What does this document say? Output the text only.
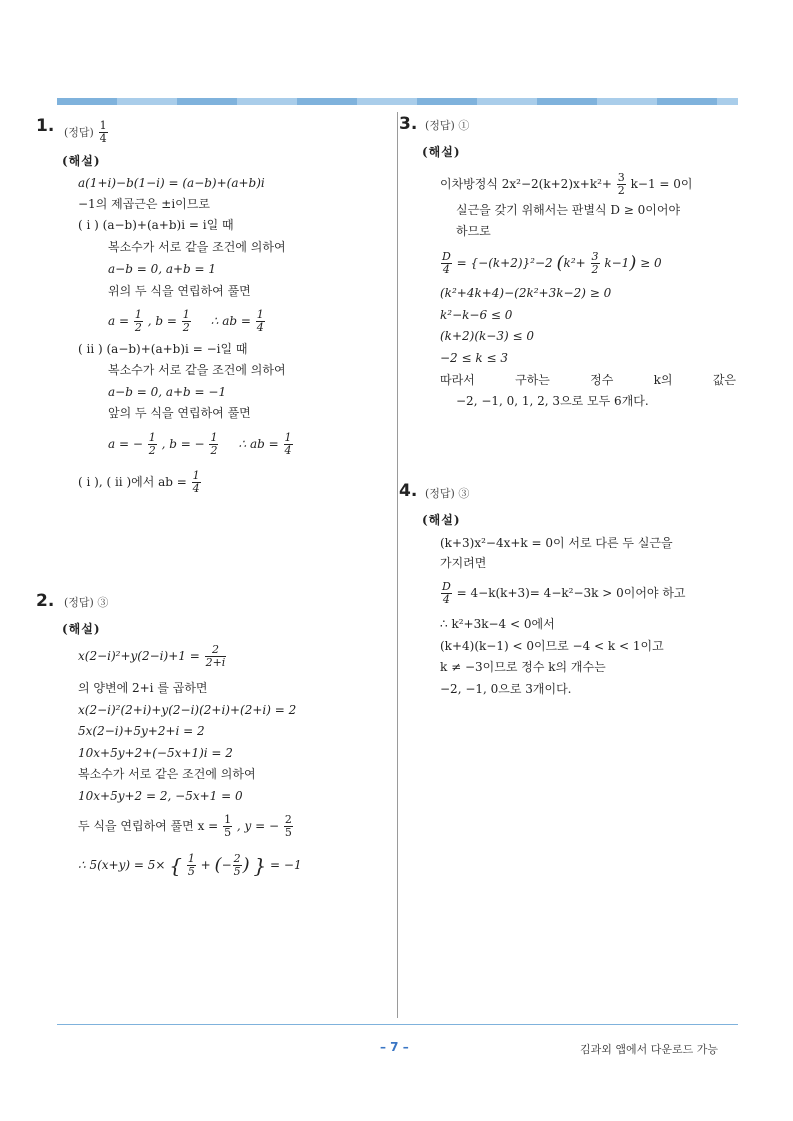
1. (정답) $\frac{1}{4}$
(해설)
a(1+i)−b(1−i) = (a−b)+(a+b)i
−1의 제곱근은 ±i이므로
( i ) (a−b)+(a+b)i = i일 때
복소수가 서로 같을 조건에 의하여
a−b = 0, a+b = 1
위의 두 식을 연립하여 풀면
$a = \frac{1}{2}$ , $b = \frac{1}{2}$ ∴ ab = $\frac{1}{4}$
( ii ) (a−b)+(a+b)i = −i일 때
복소수가 서로 같을 조건에 의하여
a−b = 0, a+b = −1
앞의 두 식을 연립하여 풀면
a = − $\frac{1}{2}$ , b = − $\frac{1}{2}$ ∴ ab = $\frac{1}{4}$
( i ), ( ii )에서 ab = $\frac{1}{4}$
2. (정답) ③
(해설)
$x(2-i)^2+y(2-i)+1 = \frac{2}{2+i}$
의 양변에 2+i 를 곱하면
x(2−i)²(2+i)+y(2−i)(2+i)+(2+i) = 2
5x(2−i)+5y+2+i = 2
10x+5y+2+(−5x+1)i = 2
복소수가 서로 같은 조건에 의하여
10x+5y+2 = 2, −5x+1 = 0
두 식을 연립하여 풀면 $x = \frac{1}{5}$ , y = − $\frac{2}{5}$
∴ 5(x+y) = 5× { $\frac{1}{5}$ + (− $\frac{2}{5}$ ) } = −1
3. (정답) ①
(해설)
이차방정식 $2x^2-2(k+2)x+k^2+ \frac{3}{2} k-1 = 0$이
실근을 갖기 위해서는 판별식 D ≥ 0이어야
하므로
$\frac{D}{4} = \{-(k+2)\}^2-2$ $(k^2+ \frac{3}{2} k-1) \ge 0$
(k²+4k+4)−(2k²+3k−2) ≥ 0
k²−k−6 ≤ 0
(k+2)(k−3) ≤ 0
−2 ≤ k ≤ 3
따라서	구하는	정수	k의	값은
−2, −1, 0, 1, 2, 3으로 모두 6개다.
4. (정답) ③
(해설)
(k+3)x²−4x+k = 0이 서로 다른 두 실근을
가지려면
$\frac{D}{4} = 4-k(k+3)= 4-k^2-3k > 0$이어야 하고
∴ k²+3k−4 < 0에서
(k+4)(k−1) < 0이므로 −4 < k < 1이고
k ≠ −3이므로 정수 k의 개수는
−2, −1, 0으로 3개이다.
– 7 –	김과외 앱에서 다운로드 가능
